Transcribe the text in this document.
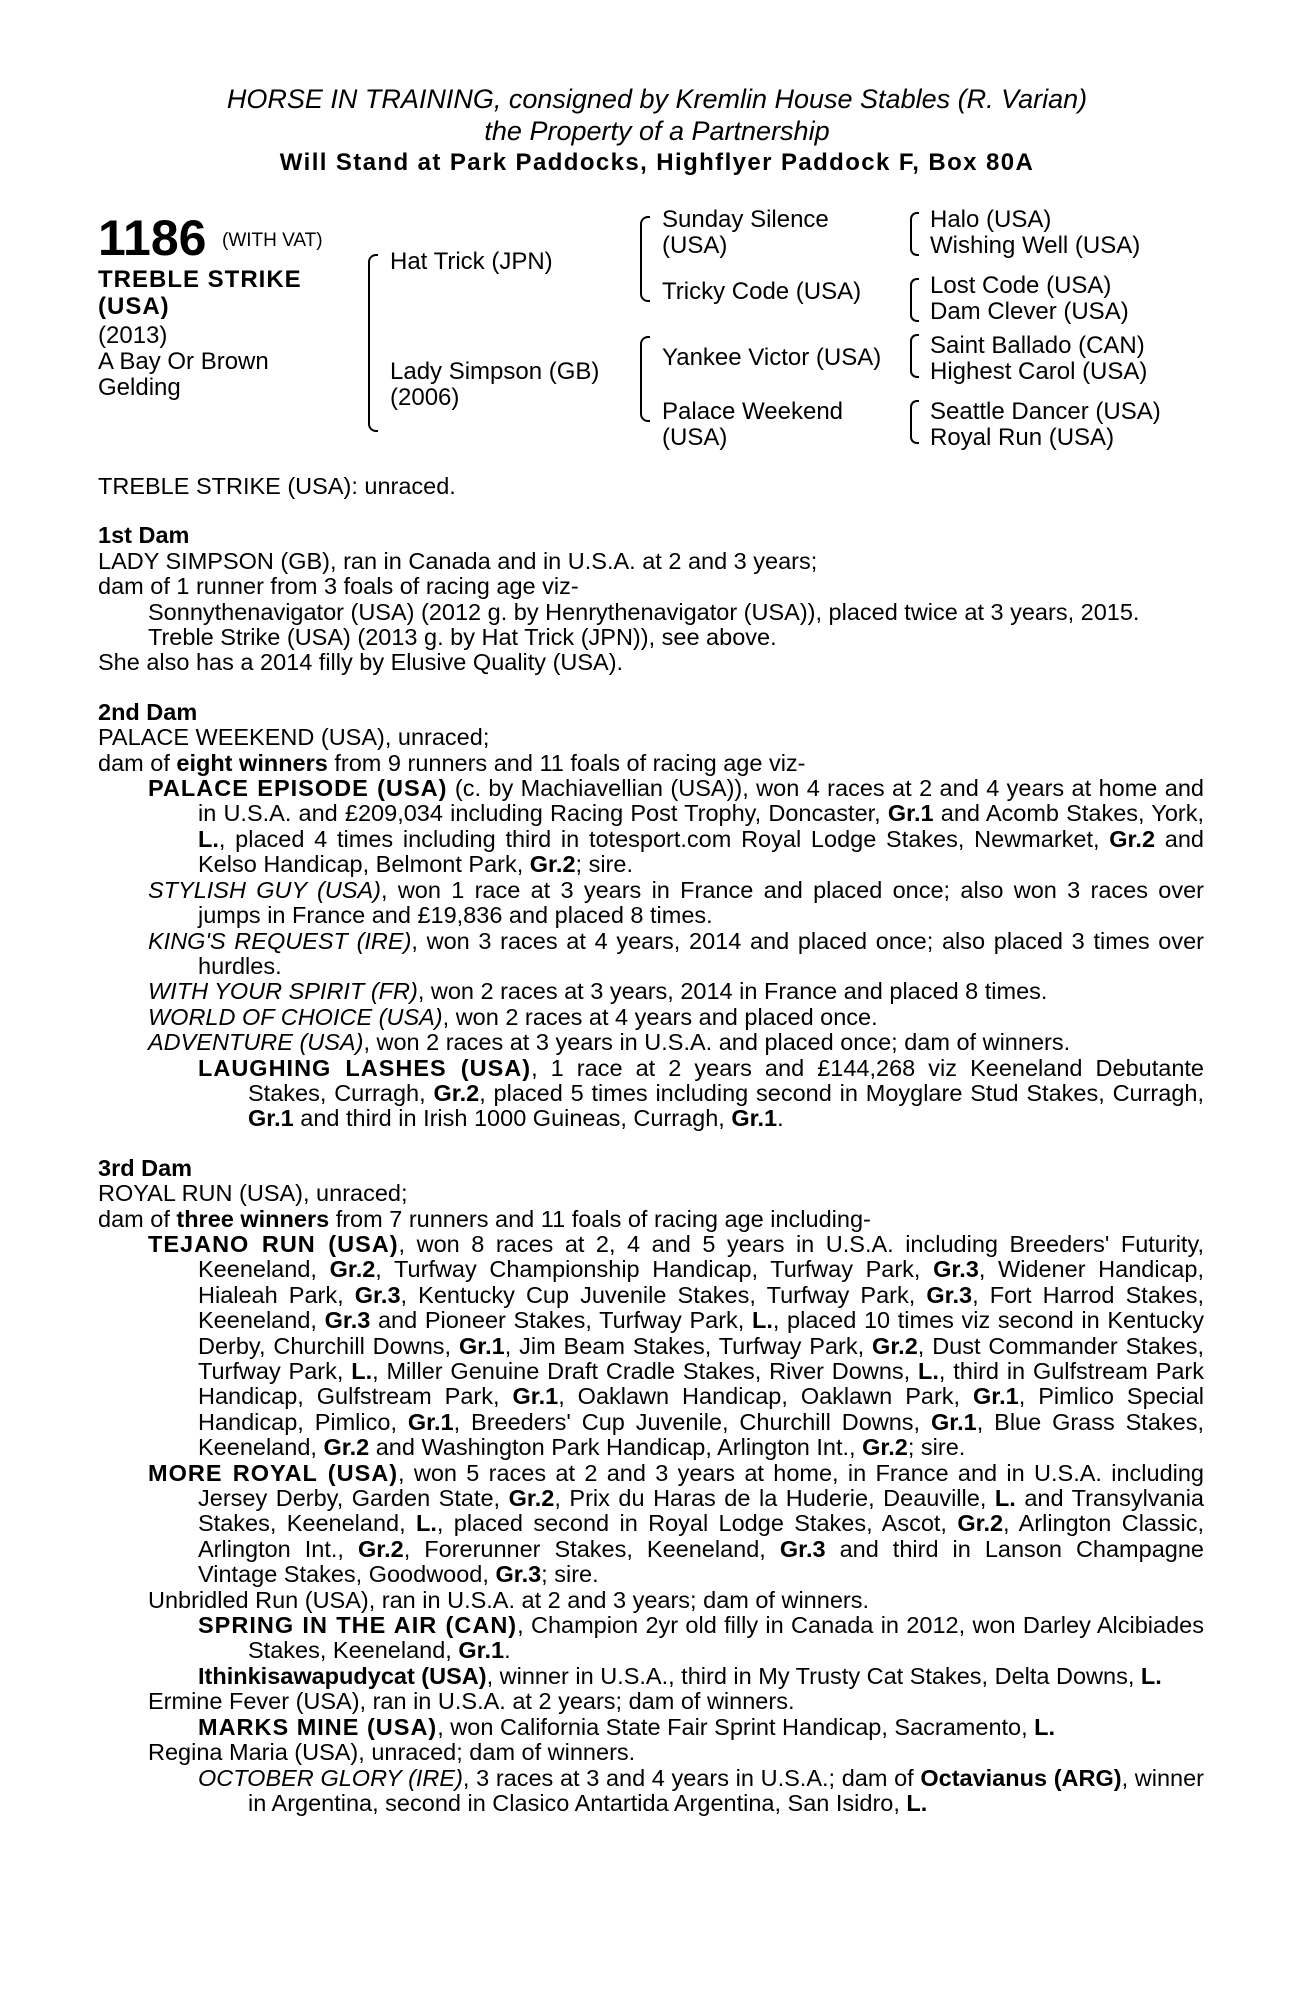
HORSE IN TRAINING, consigned by Kremlin House Stables (R. Varian)
the Property of a Partnership
Will Stand at Park Paddocks, Highflyer Paddock F, Box 80A
1186 (WITH VAT)
TREBLE STRIKE
(USA)
(2013)
A Bay Or Brown
Gelding
Hat Trick (JPN)
Lady Simpson (GB)
(2006)
Sunday Silence
(USA)
Tricky Code (USA)
Yankee Victor (USA)
Palace Weekend
(USA)
Halo (USA)
Wishing Well (USA)
Lost Code (USA)
Dam Clever (USA)
Saint Ballado (CAN)
Highest Carol (USA)
Seattle Dancer (USA)
Royal Run (USA)

TREBLE STRIKE (USA): unraced.

1st Dam

LADY SIMPSON (GB), ran in Canada and in U.S.A. at 2 and 3 years;

dam of 1 runner from 3 foals of racing age viz-

Sonnythenavigator (USA) (2012 g. by Henrythenavigator (USA)), placed twice at 3 years, 2015.

Treble Strike (USA) (2013 g. by Hat Trick (JPN)), see above.

She also has a 2014 filly by Elusive Quality (USA).

2nd Dam

PALACE WEEKEND (USA), unraced;

dam of eight winners from 9 runners and 11 foals of racing age viz-

PALACE EPISODE (USA) (c. by Machiavellian (USA)), won 4 races at 2 and 4 years at home and in U.S.A. and £209,034 including Racing Post Trophy, Doncaster, Gr.1 and Acomb Stakes, York, L., placed 4 times including third in totesport.com Royal Lodge Stakes, Newmarket, Gr.2 and Kelso Handicap, Belmont Park, Gr.2; sire.

STYLISH GUY (USA), won 1 race at 3 years in France and placed once; also won 3 races over jumps in France and £19,836 and placed 8 times.

KING'S REQUEST (IRE), won 3 races at 4 years, 2014 and placed once; also placed 3 times over hurdles.

WITH YOUR SPIRIT (FR), won 2 races at 3 years, 2014 in France and placed 8 times.

WORLD OF CHOICE (USA), won 2 races at 4 years and placed once.

ADVENTURE (USA), won 2 races at 3 years in U.S.A. and placed once; dam of winners.

LAUGHING LASHES (USA), 1 race at 2 years and £144,268 viz Keeneland Debutante Stakes, Curragh, Gr.2, placed 5 times including second in Moyglare Stud Stakes, Curragh, Gr.1 and third in Irish 1000 Guineas, Curragh, Gr.1.

3rd Dam

ROYAL RUN (USA), unraced;

dam of three winners from 7 runners and 11 foals of racing age including-

TEJANO RUN (USA), won 8 races at 2, 4 and 5 years in U.S.A. including Breeders' Futurity, Keeneland, Gr.2, Turfway Championship Handicap, Turfway Park, Gr.3, Widener Handicap, Hialeah Park, Gr.3, Kentucky Cup Juvenile Stakes, Turfway Park, Gr.3, Fort Harrod Stakes, Keeneland, Gr.3 and Pioneer Stakes, Turfway Park, L., placed 10 times viz second in Kentucky Derby, Churchill Downs, Gr.1, Jim Beam Stakes, Turfway Park, Gr.2, Dust Commander Stakes, Turfway Park, L., Miller Genuine Draft Cradle Stakes, River Downs, L., third in Gulfstream Park Handicap, Gulfstream Park, Gr.1, Oaklawn Handicap, Oaklawn Park, Gr.1, Pimlico Special Handicap, Pimlico, Gr.1, Breeders' Cup Juvenile, Churchill Downs, Gr.1, Blue Grass Stakes, Keeneland, Gr.2 and Washington Park Handicap, Arlington Int., Gr.2; sire.

MORE ROYAL (USA), won 5 races at 2 and 3 years at home, in France and in U.S.A. including Jersey Derby, Garden State, Gr.2, Prix du Haras de la Huderie, Deauville, L. and Transylvania Stakes, Keeneland, L., placed second in Royal Lodge Stakes, Ascot, Gr.2, Arlington Classic, Arlington Int., Gr.2, Forerunner Stakes, Keeneland, Gr.3 and third in Lanson Champagne Vintage Stakes, Goodwood, Gr.3; sire.

Unbridled Run (USA), ran in U.S.A. at 2 and 3 years; dam of winners.

SPRING IN THE AIR (CAN), Champion 2yr old filly in Canada in 2012, won Darley Alcibiades Stakes, Keeneland, Gr.1.

Ithinkisawapudycat (USA), winner in U.S.A., third in My Trusty Cat Stakes, Delta Downs, L.

Ermine Fever (USA), ran in U.S.A. at 2 years; dam of winners.

MARKS MINE (USA), won California State Fair Sprint Handicap, Sacramento, L.

Regina Maria (USA), unraced; dam of winners.

OCTOBER GLORY (IRE), 3 races at 3 and 4 years in U.S.A.; dam of Octavianus (ARG), winner in Argentina, second in Clasico Antartida Argentina, San Isidro, L.
